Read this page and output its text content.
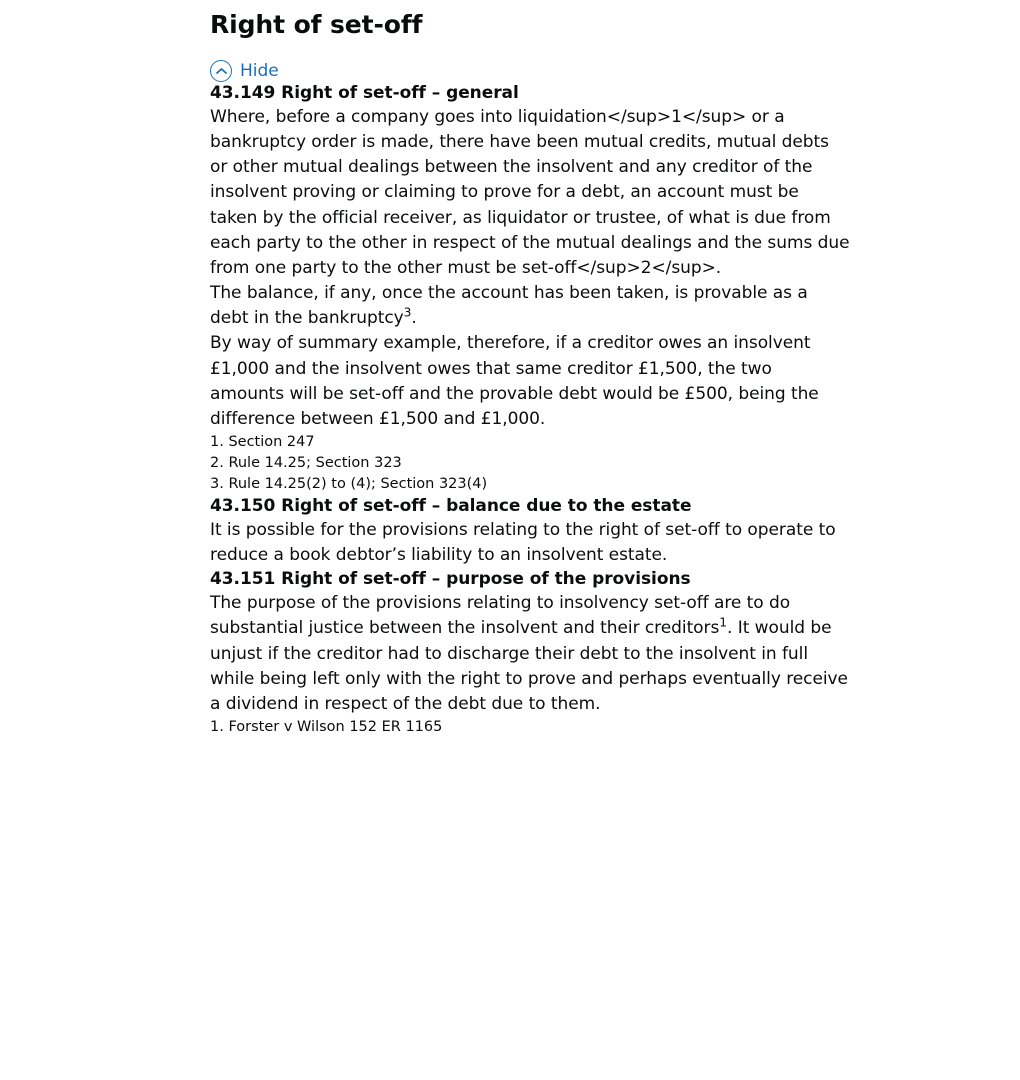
Right of set-off
Hide
43.149 Right of set-off – general

Where, before a company goes into liquidation</sup>1</sup> or a bankruptcy order is made, there have been mutual credits, mutual debts or other mutual dealings between the insolvent and any creditor of the insolvent proving or claiming to prove for a debt, an account must be taken by the official receiver, as liquidator or trustee, of what is due from each party to the other in respect of the mutual dealings and the sums due from one party to the other must be set-off</sup>2</sup>.

The balance, if any, once the account has been taken, is provable as a debt in the bankruptcy$^3$.

By way of summary example, therefore, if a creditor owes an insolvent £1,000 and the insolvent owes that same creditor £1,500, the two amounts will be set-off and the provable debt would be £500, being the difference between £1,500 and £1,000.

1. Section 247

2. Rule 14.25; Section 323

3. Rule 14.25(2) to (4); Section 323(4)

43.150 Right of set-off – balance due to the estate

It is possible for the provisions relating to the right of set-off to operate to reduce a book debtor’s liability to an insolvent estate.

43.151 Right of set-off – purpose of the provisions

The purpose of the provisions relating to insolvency set-off are to do substantial justice between the insolvent and their creditors$^1$. It would be unjust if the creditor had to discharge their debt to the insolvent in full while being left only with the right to prove and perhaps eventually receive a dividend in respect of the debt due to them.

1. Forster v Wilson 152 ER 1165
